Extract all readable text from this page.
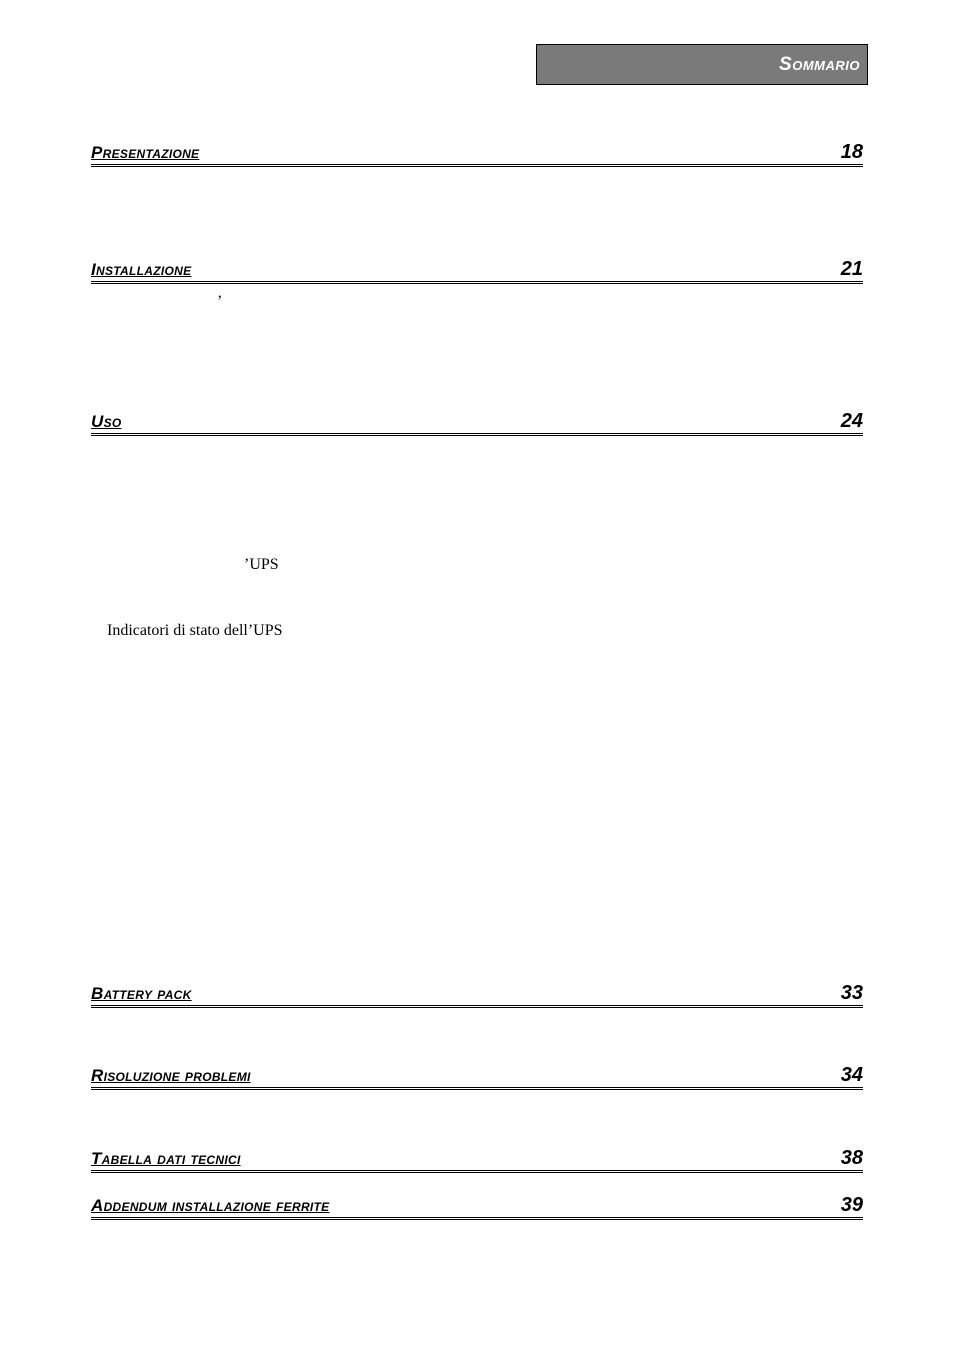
Sommario
Presentazione	18
Installazione	21
’
Uso	24
’UPS
Indicatori di stato dell’UPS
Battery pack	33
Risoluzione problemi	34
Tabella dati tecnici	38
Addendum installazione ferrite	39
